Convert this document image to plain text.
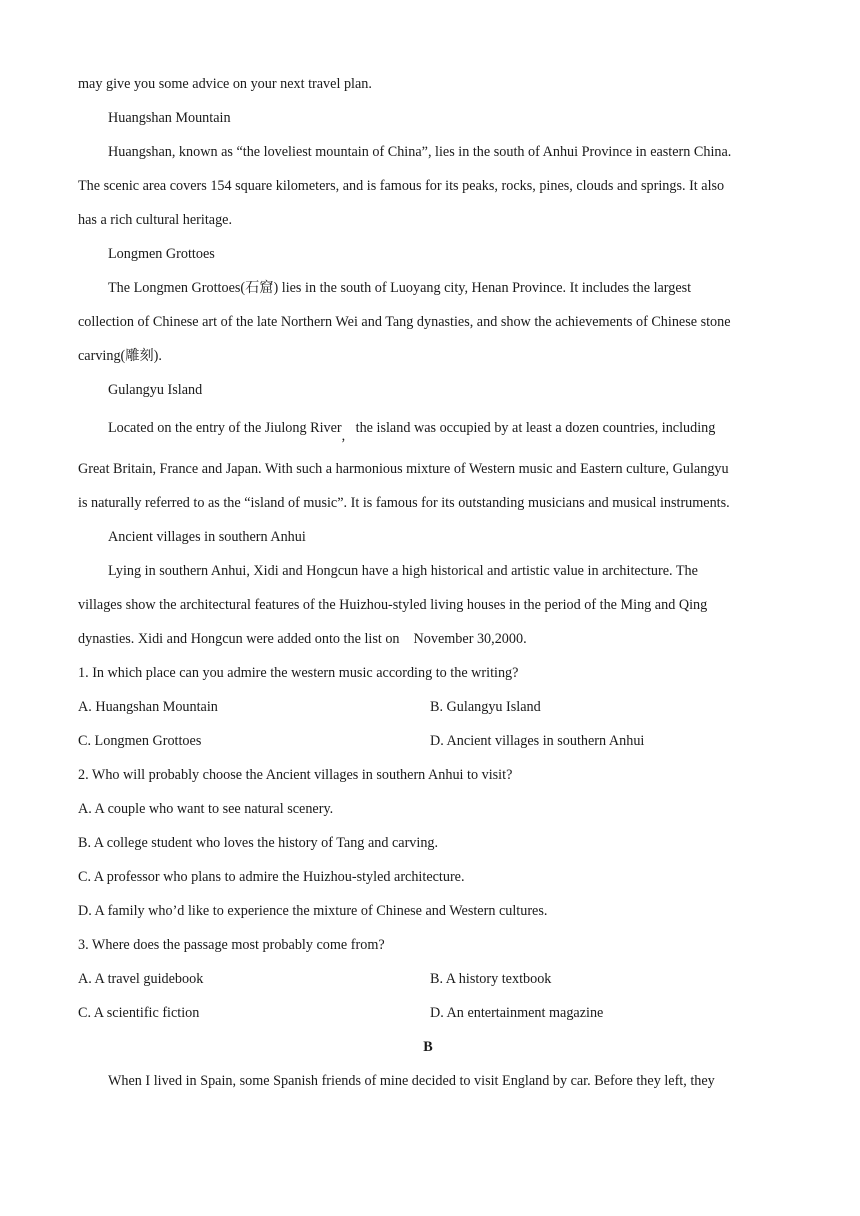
may give you some advice on your next travel plan.
Huangshan Mountain
Huangshan, known as “the loveliest mountain of China”, lies in the south of Anhui Province in eastern China.
The scenic area covers 154 square kilometers, and is famous for its peaks, rocks, pines, clouds and springs. It also
has a rich cultural heritage.
Longmen Grottoes
The Longmen Grottoes(石窟) lies in the south of Luoyang city, Henan Province. It includes the largest
collection of Chinese art of the late Northern Wei and Tang dynasties, and show the achievements of Chinese stone
carving(雕刻).
Gulangyu Island
Located on the entry of the Jiulong River, the island was occupied by at least a dozen countries, including
Great Britain, France and Japan. With such a harmonious mixture of Western music and Eastern culture, Gulangyu
is naturally referred to as the “island of music”. It is famous for its outstanding musicians and musical instruments.
Ancient villages in southern Anhui
Lying in southern Anhui, Xidi and Hongcun have a high historical and artistic value in architecture. The
villages show the architectural features of the Huizhou-styled living houses in the period of the Ming and Qing
dynasties. Xidi and Hongcun were added onto the list on November 30,2000.
1. In which place can you admire the western music according to the writing?
A. Huangshan Mountain	B. Gulangyu Island
C. Longmen Grottoes	D. Ancient villages in southern Anhui
2. Who will probably choose the Ancient villages in southern Anhui to visit?
A. A couple who want to see natural scenery.
B. A college student who loves the history of Tang and carving.
C. A professor who plans to admire the Huizhou-styled architecture.
D. A family who’d like to experience the mixture of Chinese and Western cultures.
3. Where does the passage most probably come from?
A. A travel guidebook	B. A history textbook
C. A scientific fiction	D. An entertainment magazine
B
When I lived in Spain, some Spanish friends of mine decided to visit England by car. Before they left, they
